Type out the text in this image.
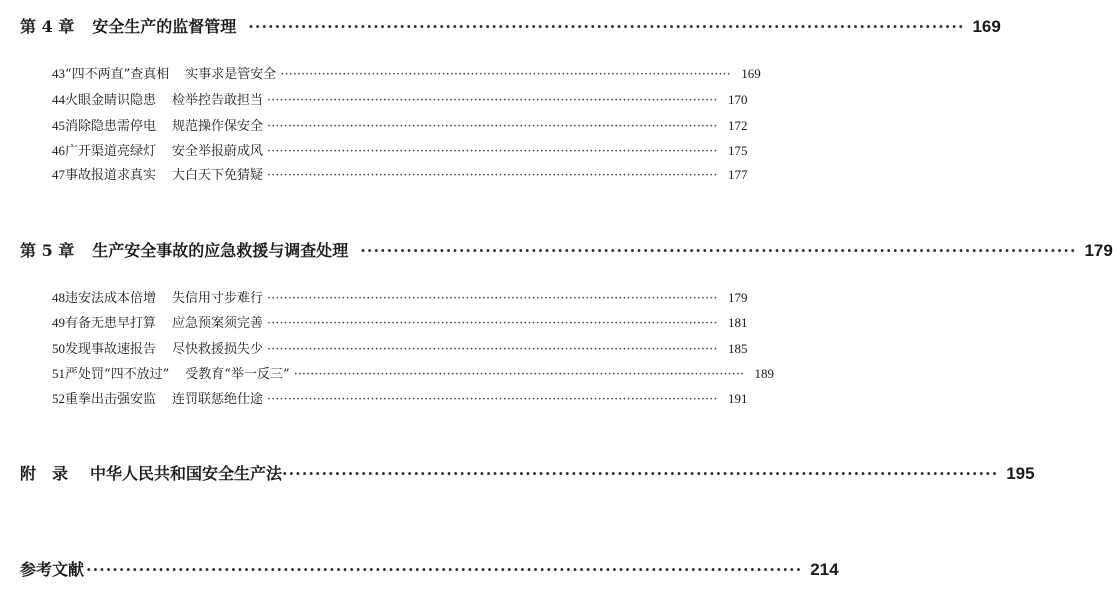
第 4 章 安全生产的监督管理 ············································································································· 169
43 “四不两直”查真相 实事求是管安全 ············································································································· 169
44 火眼金睛识隐患 检举控告敢担当 ············································································································· 170
45 消除隐患需停电 规范操作保安全 ············································································································· 172
46 广开渠道亮绿灯 安全举报蔚成风 ············································································································· 175
47 事故报道求真实 大白天下免猜疑 ············································································································· 177
第 5 章 生产安全事故的应急救援与调查处理 ············································································································· 179
48 违安法成本倍增 失信用寸步难行 ············································································································· 179
49 有备无患早打算 应急预案须完善 ············································································································· 181
50 发现事故速报告 尽快救援损失少 ············································································································· 185
51 严处罚“四不放过” 受教育“举一反三” ············································································································· 189
52 重拳出击强安监 连罚联惩绝仕途 ············································································································· 191
附　录 中华人民共和国安全生产法 ············································································································· 195
参考文献 ············································································································· 214
